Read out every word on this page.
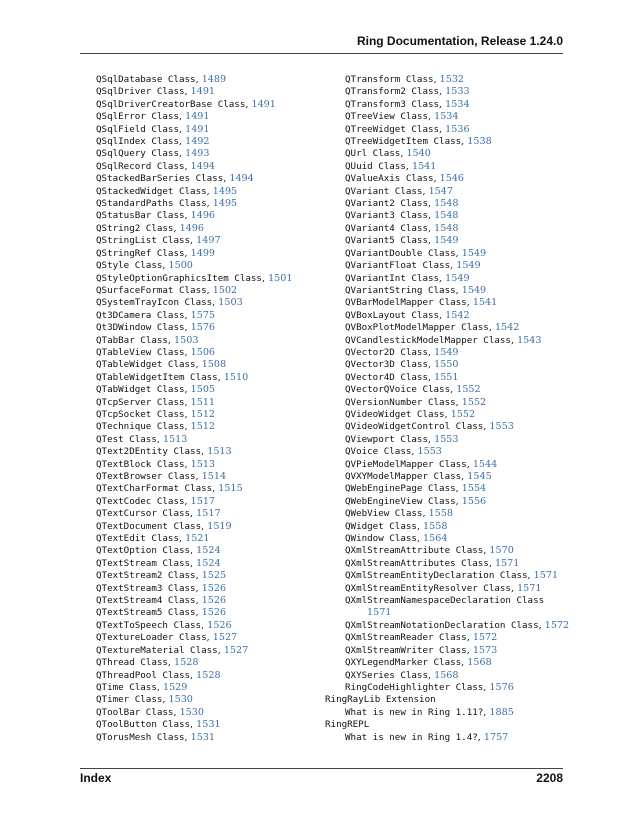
Ring Documentation, Release 1.24.0
QSqlDatabase Class, 1489
QSqlDriver Class, 1491
QSqlDriverCreatorBase Class, 1491
QSqlError Class, 1491
QSqlField Class, 1491
QSqlIndex Class, 1492
QSqlQuery Class, 1493
QSqlRecord Class, 1494
QStackedBarSeries Class, 1494
QStackedWidget Class, 1495
QStandardPaths Class, 1495
QStatusBar Class, 1496
QString2 Class, 1496
QStringList Class, 1497
QStringRef Class, 1499
QStyle Class, 1500
QStyleOptionGraphicsItem Class, 1501
QSurfaceFormat Class, 1502
QSystemTrayIcon Class, 1503
Qt3DCamera Class, 1575
Qt3DWindow Class, 1576
QTabBar Class, 1503
QTableView Class, 1506
QTableWidget Class, 1508
QTableWidgetItem Class, 1510
QTabWidget Class, 1505
QTcpServer Class, 1511
QTcpSocket Class, 1512
QTechnique Class, 1512
QTest Class, 1513
QText2DEntity Class, 1513
QTextBlock Class, 1513
QTextBrowser Class, 1514
QTextCharFormat Class, 1515
QTextCodec Class, 1517
QTextCursor Class, 1517
QTextDocument Class, 1519
QTextEdit Class, 1521
QTextOption Class, 1524
QTextStream Class, 1524
QTextStream2 Class, 1525
QTextStream3 Class, 1526
QTextStream4 Class, 1526
QTextStream5 Class, 1526
QTextToSpeech Class, 1526
QTextureLoader Class, 1527
QTextureMaterial Class, 1527
QThread Class, 1528
QThreadPool Class, 1528
QTime Class, 1529
QTimer Class, 1530
QToolBar Class, 1530
QToolButton Class, 1531
QTorusMesh Class, 1531
QTransform Class, 1532
QTransform2 Class, 1533
QTransform3 Class, 1534
QTreeView Class, 1534
QTreeWidget Class, 1536
QTreeWidgetItem Class, 1538
QUrl Class, 1540
QUuid Class, 1541
QValueAxis Class, 1546
QVariant Class, 1547
QVariant2 Class, 1548
QVariant3 Class, 1548
QVariant4 Class, 1548
QVariant5 Class, 1549
QVariantDouble Class, 1549
QVariantFloat Class, 1549
QVariantInt Class, 1549
QVariantString Class, 1549
QVBarModelMapper Class, 1541
QVBoxLayout Class, 1542
QVBoxPlotModelMapper Class, 1542
QVCandlestickModelMapper Class, 1543
QVector2D Class, 1549
QVector3D Class, 1550
QVector4D Class, 1551
QVectorQVoice Class, 1552
QVersionNumber Class, 1552
QVideoWidget Class, 1552
QVideoWidgetControl Class, 1553
QViewport Class, 1553
QVoice Class, 1553
QVPieModelMapper Class, 1544
QVXYModelMapper Class, 1545
QWebEnginePage Class, 1554
QWebEngineView Class, 1556
QWebView Class, 1558
QWidget Class, 1558
QWindow Class, 1564
QXmlStreamAttribute Class, 1570
QXmlStreamAttributes Class, 1571
QXmlStreamEntityDeclaration Class, 1571
QXmlStreamEntityResolver Class, 1571
QXmlStreamNamespaceDeclaration Class
1571
QXmlStreamNotationDeclaration Class, 1572
QXmlStreamReader Class, 1572
QXmlStreamWriter Class, 1573
QXYLegendMarker Class, 1568
QXYSeries Class, 1568
RingCodeHighlighter Class, 1576
RingRayLib Extension
What is new in Ring 1.11?, 1885
RingREPL
What is new in Ring 1.4?, 1757
Index	2208
